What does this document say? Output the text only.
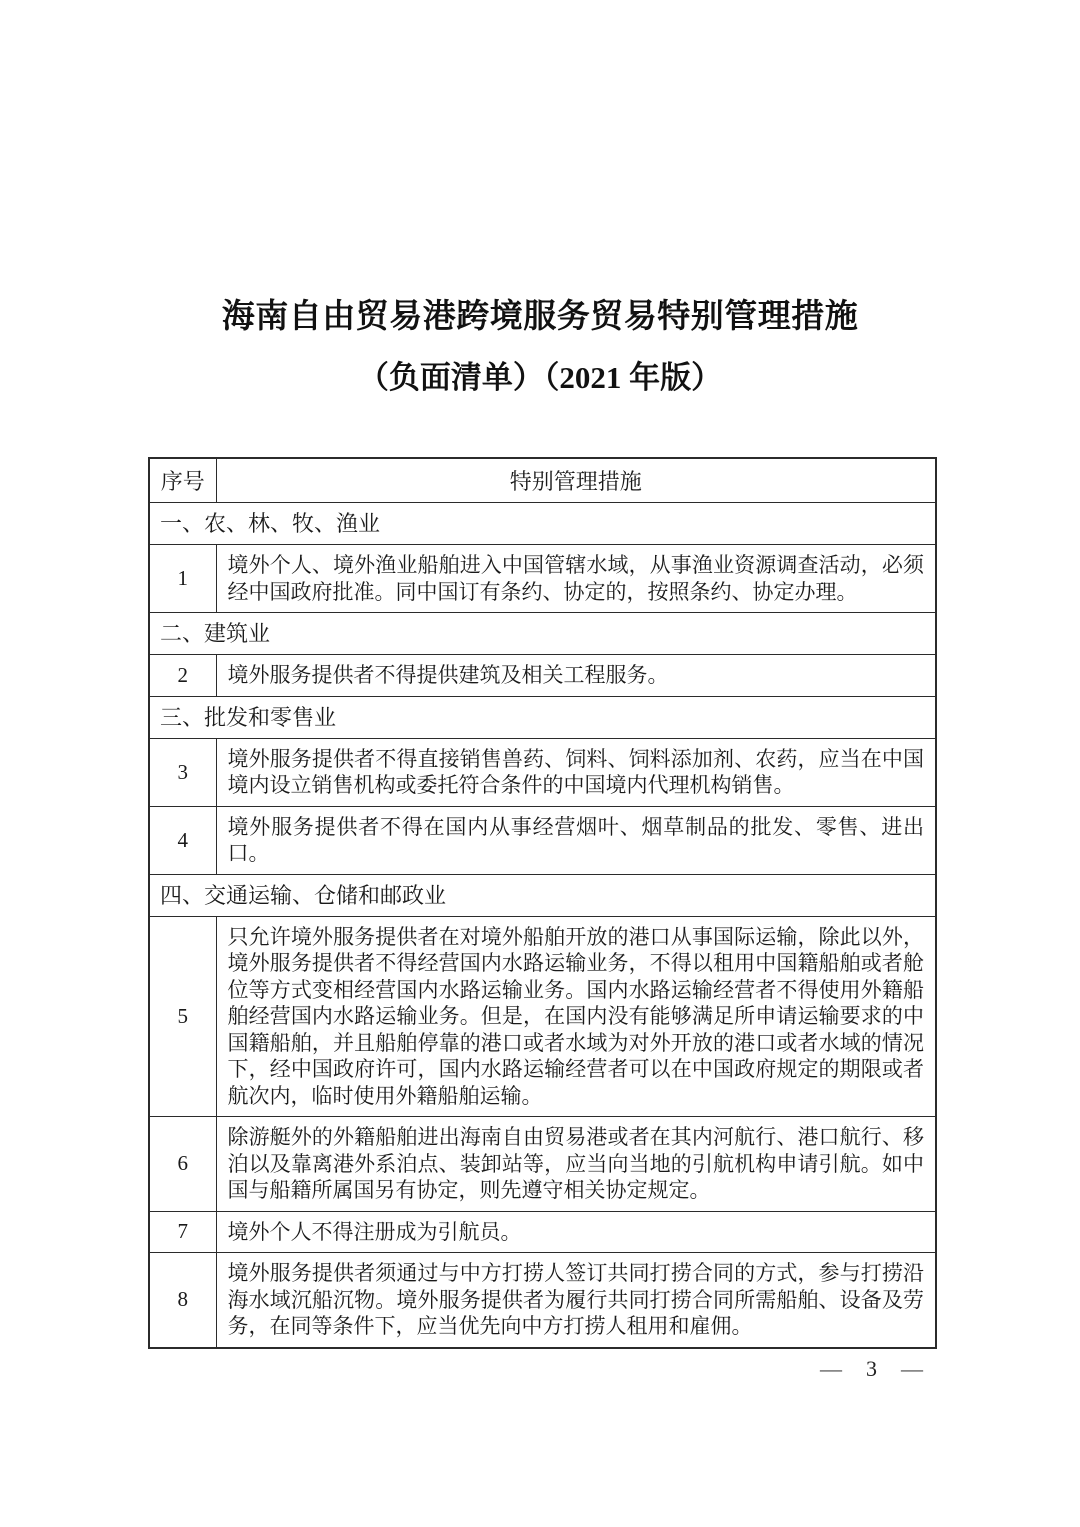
海南自由贸易港跨境服务贸易特别管理措施
（负面清单）（2021 年版）
序号	特别管理措施
一、农、林、牧、渔业	
1	境外个人、境外渔业船舶进入中国管辖水域，从事渔业资源调查活动，必须经中国政府批准。同中国订有条约、协定的，按照条约、协定办理。
二、建筑业	
2	境外服务提供者不得提供建筑及相关工程服务。
三、批发和零售业	
3	境外服务提供者不得直接销售兽药、饲料、饲料添加剂、农药，应当在中国境内设立销售机构或委托符合条件的中国境内代理机构销售。
4	境外服务提供者不得在国内从事经营烟叶、烟草制品的批发、零售、进出口。
四、交通运输、仓储和邮政业	
5	只允许境外服务提供者在对境外船舶开放的港口从事国际运输，除此以外，境外服务提供者不得经营国内水路运输业务，不得以租用中国籍船舶或者舱位等方式变相经营国内水路运输业务。国内水路运输经营者不得使用外籍船舶经营国内水路运输业务。但是，在国内没有能够满足所申请运输要求的中国籍船舶，并且船舶停靠的港口或者水域为对外开放的港口或者水域的情况下，经中国政府许可，国内水路运输经营者可以在中国政府规定的期限或者航次内，临时使用外籍船舶运输。
6	除游艇外的外籍船舶进出海南自由贸易港或者在其内河航行、港口航行、移泊以及靠离港外系泊点、装卸站等，应当向当地的引航机构申请引航。如中国与船籍所属国另有协定，则先遵守相关协定规定。
7	境外个人不得注册成为引航员。
8	境外服务提供者须通过与中方打捞人签订共同打捞合同的方式，参与打捞沿海水域沉船沉物。境外服务提供者为履行共同打捞合同所需船舶、设备及劳务，在同等条件下，应当优先向中方打捞人租用和雇佣。
— 3 —
